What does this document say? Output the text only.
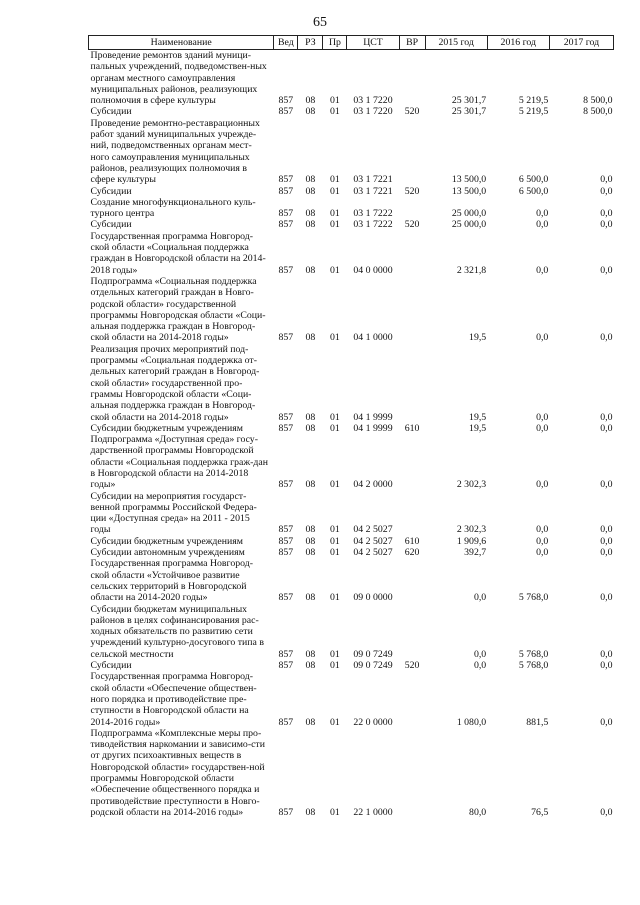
65
Наименование	Вед	РЗ	Пр	ЦСТ	ВР	2015 год	2016 год	2017 год
Проведение ремонтов зданий муници-пальных учреждений, подведомствен-ных органам местного самоуправления муниципальных районов, реализующих полномочия в сфере культуры	857	08	01	03 1 7220		25 301,7	5 219,5	8 500,0
Субсидии	857	08	01	03 1 7220	520	25 301,7	5 219,5	8 500,0
Проведение ремонтно-реставрационных работ зданий муниципальных учрежде-ний, подведомственных органам мест-ного самоуправления муниципальных районов, реализующих полномочия в сфере культуры	857	08	01	03 1 7221		13 500,0	6 500,0	0,0
Субсидии	857	08	01	03 1 7221	520	13 500,0	6 500,0	0,0
Создание многофункционального куль-турного центра	857	08	01	03 1 7222		25 000,0	0,0	0,0
Субсидии	857	08	01	03 1 7222	520	25 000,0	0,0	0,0
Государственная программа Новгород-ской области «Социальная поддержка граждан в Новгородской области на 2014-2018 годы»	857	08	01	04 0 0000		2 321,8	0,0	0,0
Подпрограмма «Социальная поддержка отдельных категорий граждан в Новго-родской области» государственной программы Новгородская области «Соци-альная поддержка граждан в Новгород-ской области на 2014-2018 годы»	857	08	01	04 1 0000		19,5	0,0	0,0
Реализация прочих мероприятий под-программы «Социальная поддержка от-дельных категорий граждан в Новгород-ской области» государственной про-граммы Новгородской области «Соци-альная поддержка граждан в Новгород-ской области на 2014-2018 годы»	857	08	01	04 1 9999		19,5	0,0	0,0
Субсидии бюджетным учреждениям	857	08	01	04 1 9999	610	19,5	0,0	0,0
Подпрограмма «Доступная среда» госу-дарственной программы Новгородской области «Социальная поддержка граж-дан в Новгородской области на 2014-2018 годы»	857	08	01	04 2 0000		2 302,3	0,0	0,0
Субсидии на мероприятия государст-венной программы Российской Федера-ции «Доступная среда» на 2011 - 2015 годы	857	08	01	04 2 5027		2 302,3	0,0	0,0
Субсидии бюджетным учреждениям	857	08	01	04 2 5027	610	1 909,6	0,0	0,0
Субсидии автономным учреждениям	857	08	01	04 2 5027	620	392,7	0,0	0,0
Государственная программа Новгород-ской области «Устойчивое развитие сельских территорий в Новгородской области на 2014-2020 годы»	857	08	01	09 0 0000		0,0	5 768,0	0,0
Субсидии бюджетам муниципальных районов в целях софинансирования рас-ходных обязательств по развитию сети учреждений культурно-досугового типа в сельской местности	857	08	01	09 0 7249		0,0	5 768,0	0,0
Субсидии	857	08	01	09 0 7249	520	0,0	5 768,0	0,0
Государственная программа Новгород-ской области «Обеспечение обществен-ного порядка и противодействие пре-ступности в Новгородской области на 2014-2016 годы»	857	08	01	22 0 0000		1 080,0	881,5	0,0
Подпрограмма «Комплексные меры про-тиводействия наркомании и зависимо-сти от других психоактивных веществ в Новгородской области» государствен-ной программы Новгородской области «Обеспечение общественного порядка и противодействие преступности в Новго-родской области на 2014-2016 годы»	857	08	01	22 1 0000		80,0	76,5	0,0
